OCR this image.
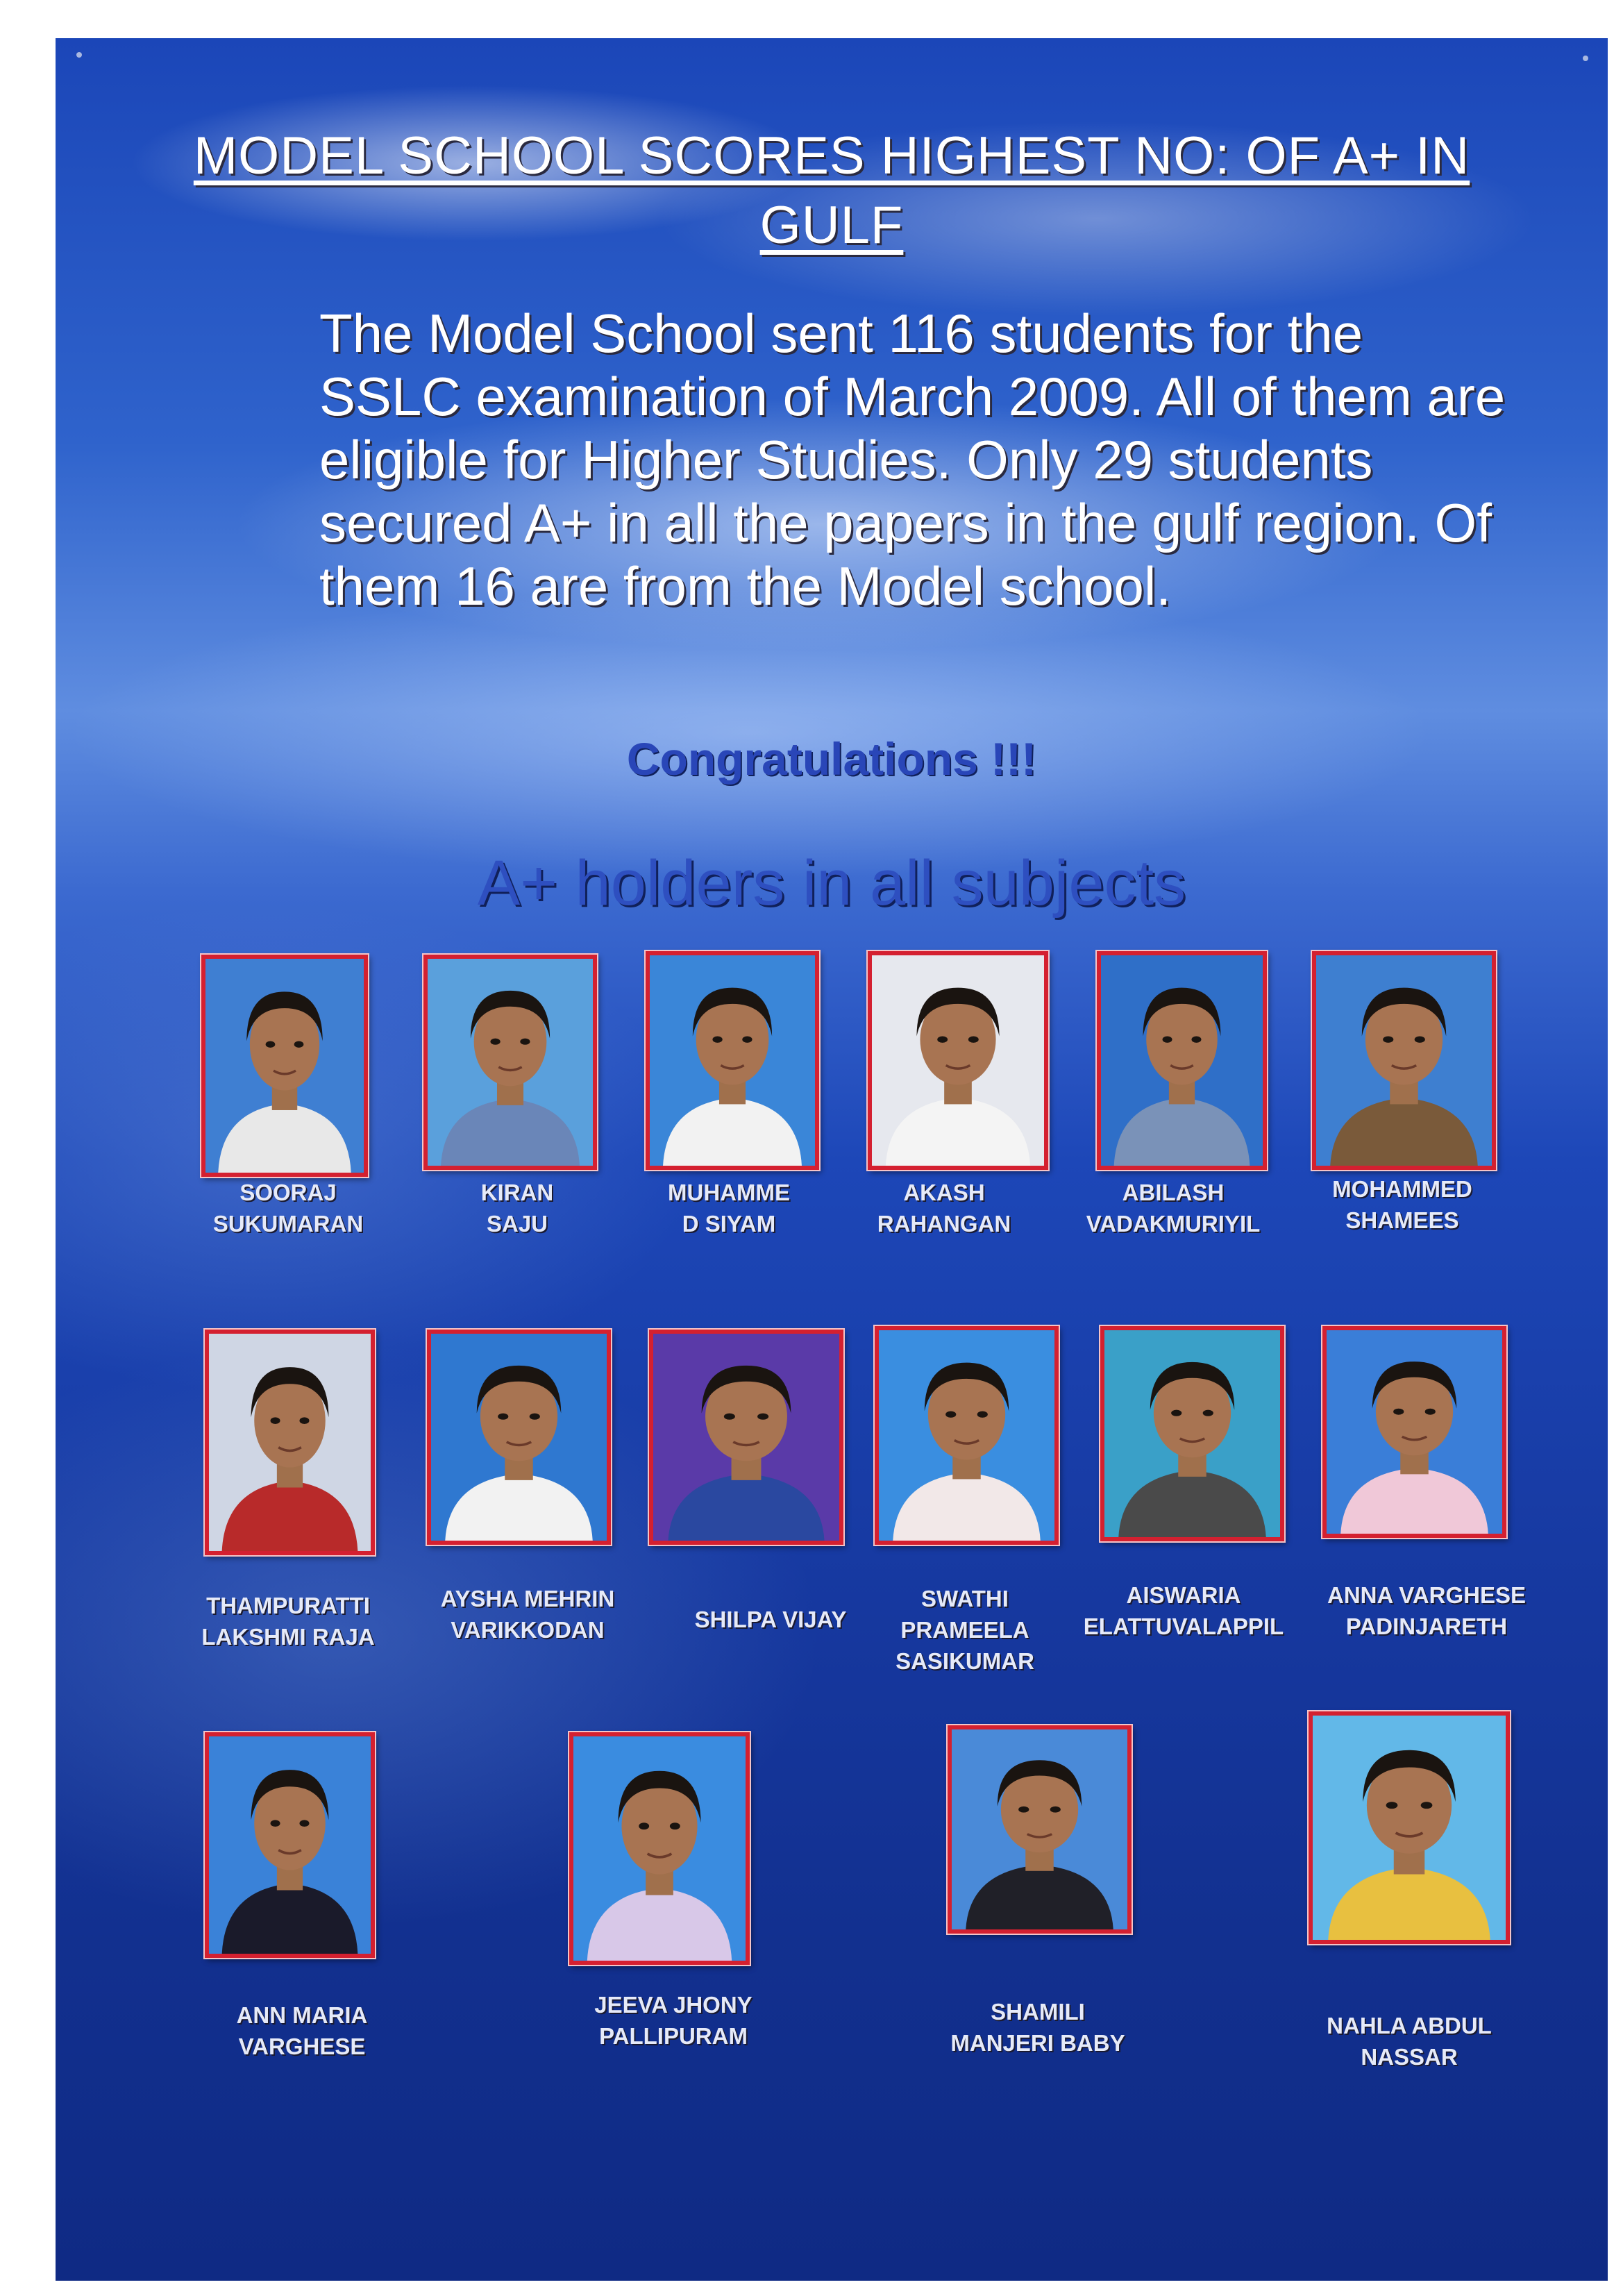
MODEL SCHOOL SCORES HIGHEST NO: OF A+ IN
GULF
The Model School sent 116 students for the SSLC examination of March 2009. All of them are eligible for Higher Studies. Only 29 students secured A+ in all the papers in the gulf region. Of them 16 are from the Model school.
Congratulations !!!
A+ holders in all subjects
SOORAJ
SUKUMARAN
KIRAN
SAJU
MUHAMME
D SIYAM
AKASH
RAHANGAN
ABILASH
VADAKMURIYIL
MOHAMMED
SHAMEES
THAMPURATTI
LAKSHMI RAJA
AYSHA MEHRIN
VARIKKODAN	SHILPA VIJAY
SWATHI
PRAMEELA
SASIKUMAR
AISWARIA
ELATTUVALAPPIL
ANNA VARGHESE
PADINJARETH
ANN MARIA
VARGHESE
JEEVA JHONY
PALLIPURAM
SHAMILI
MANJERI BABY
NAHLA ABDUL
NASSAR
